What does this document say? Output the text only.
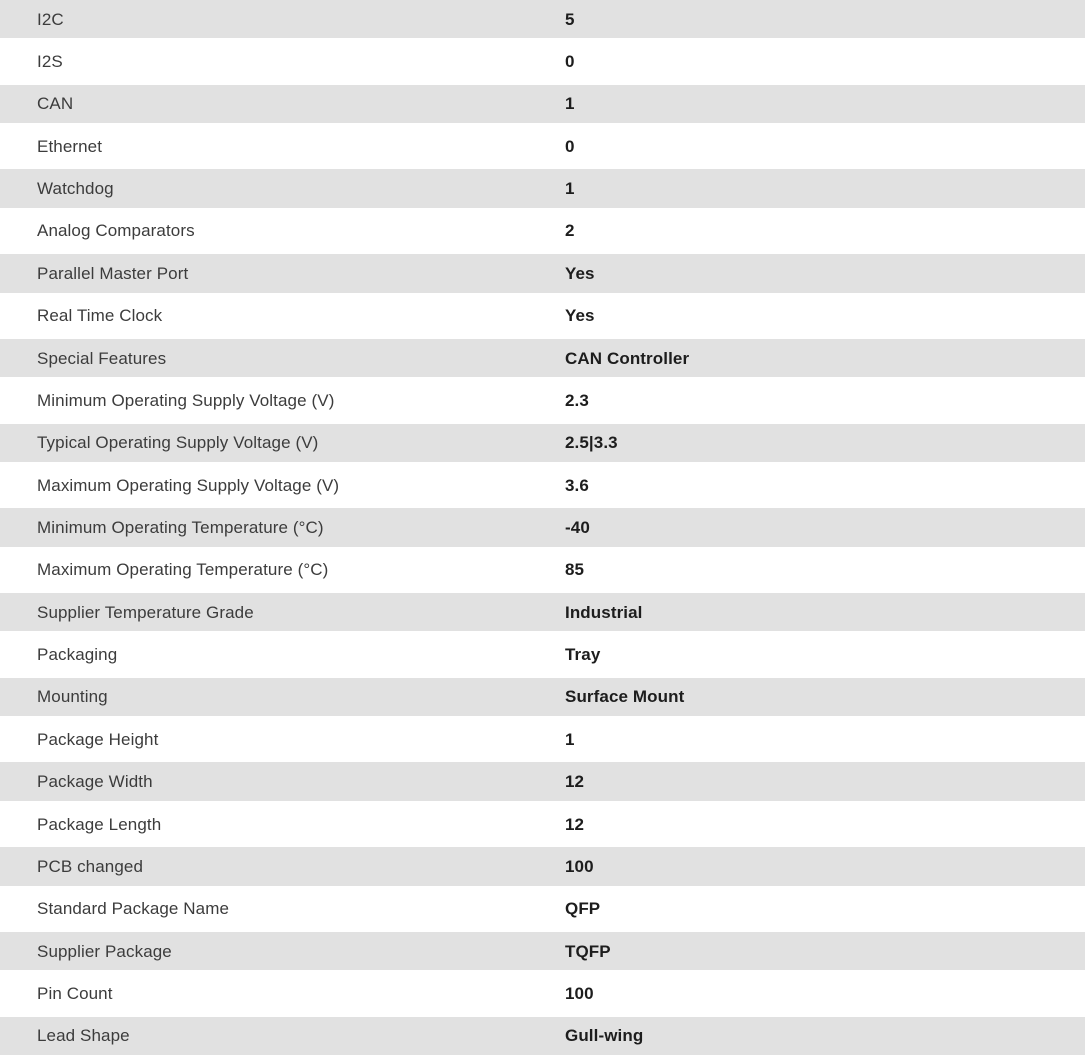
I2C	5
I2S	0
CAN	1
Ethernet	0
Watchdog	1
Analog Comparators	2
Parallel Master Port	Yes
Real Time Clock	Yes
Special Features	CAN Controller
Minimum Operating Supply Voltage (V)	2.3
Typical Operating Supply Voltage (V)	2.5|3.3
Maximum Operating Supply Voltage (V)	3.6
Minimum Operating Temperature (°C)	-40
Maximum Operating Temperature (°C)	85
Supplier Temperature Grade	Industrial
Packaging	Tray
Mounting	Surface Mount
Package Height	1
Package Width	12
Package Length	12
PCB changed	100
Standard Package Name	QFP
Supplier Package	TQFP
Pin Count	100
Lead Shape	Gull-wing
